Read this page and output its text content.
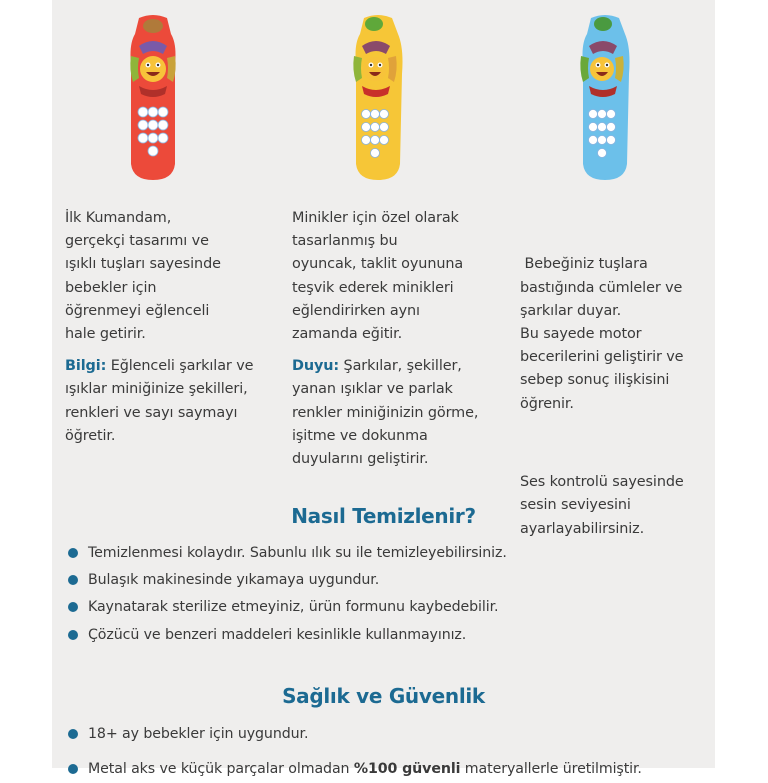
İlk Kumandam,
gerçekçi tasarımı ve
ışıklı tuşları sayesinde
bebekler için
öğrenmeyi eğlenceli
hale getirir.

Bilgi: Eğlenceli şarkılar ve
ışıklar miniğinize şekilleri,
renkleri ve sayı saymayı
öğretir.

Minikler için özel olarak
tasarlanmış bu
oyuncak, taklit oyununa
teşvik ederek minikleri
eğlendirirken aynı
zamanda eğitir.

Duyu: Şarkılar, şekiller,
yanan ışıklar ve parlak
renkler miniğinizin görme,
işitme ve dokunma
duyularını geliştirir.

Bebeğiniz tuşlara
bastığında cümleler ve
şarkılar duyar.
Bu sayede motor
becerilerini geliştirir ve
sebep sonuç ilişkisini
öğrenir.

Ses kontrolü sayesinde
sesin seviyesini
ayarlayabilirsiniz.

Nasıl Temizlenir?
Temizlenmesi kolaydır. Sabunlu ılık su ile temizleyebilirsiniz.
Bulaşık makinesinde yıkamaya uygundur.
Kaynatarak sterilize etmeyiniz, ürün formunu kaybedebilir.
Çözücü ve benzeri maddeleri kesinlikle kullanmayınız.
Sağlık ve Güvenlik
18+ ay bebekler için uygundur.
Metal aks ve küçük parçalar olmadan %100 güvenli materyallerle üretilmiştir.
